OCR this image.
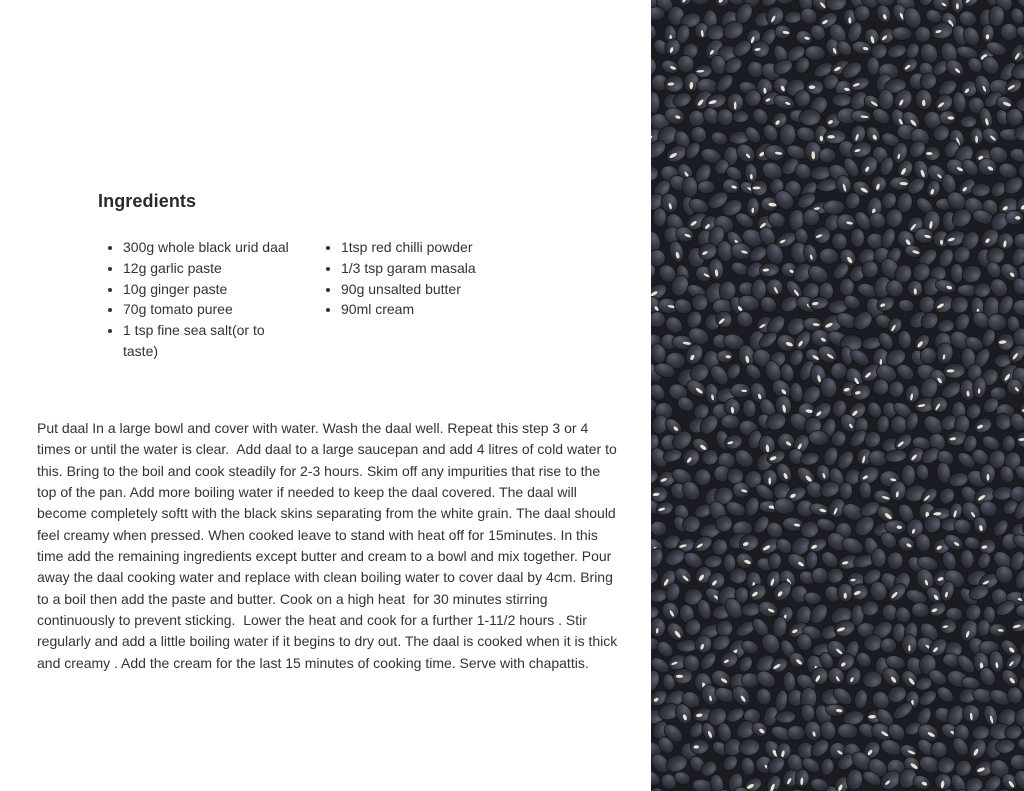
Ingredients
• 300g whole black urid daal
• 12g garlic paste
• 10g ginger paste
• 70g tomato puree
• 1 tsp fine sea salt(or to taste)
• 1tsp red chilli powder
• 1/3 tsp garam masala
• 90g unsalted butter
• 90ml cream

Put daal In a large bowl and cover with water. Wash the daal well. Repeat this step 3 or 4 times or until the water is clear.  Add daal to a large saucepan and add 4 litres of cold water to this. Bring to the boil and cook steadily for 2-3 hours. Skim off any impurities that rise to the top of the pan. Add more boiling water if needed to keep the daal covered. The daal will become completely softt with the black skins separating from the white grain. The daal should feel creamy when pressed. When cooked leave to stand with heat off for 15minutes. In this time add the remaining ingredients except butter and cream to a bowl and mix together. Pour away the daal cooking water and replace with clean boiling water to cover daal by 4cm. Bring to a boil then add the paste and butter. Cook on a high heat  for 30 minutes stirring continuously to prevent sticking.  Lower the heat and cook for a further 1-11/2 hours . Stir regularly and add a little boiling water if it begins to dry out. The daal is cooked when it is thick and creamy . Add the cream for the last 15 minutes of cooking time. Serve with chapattis.
